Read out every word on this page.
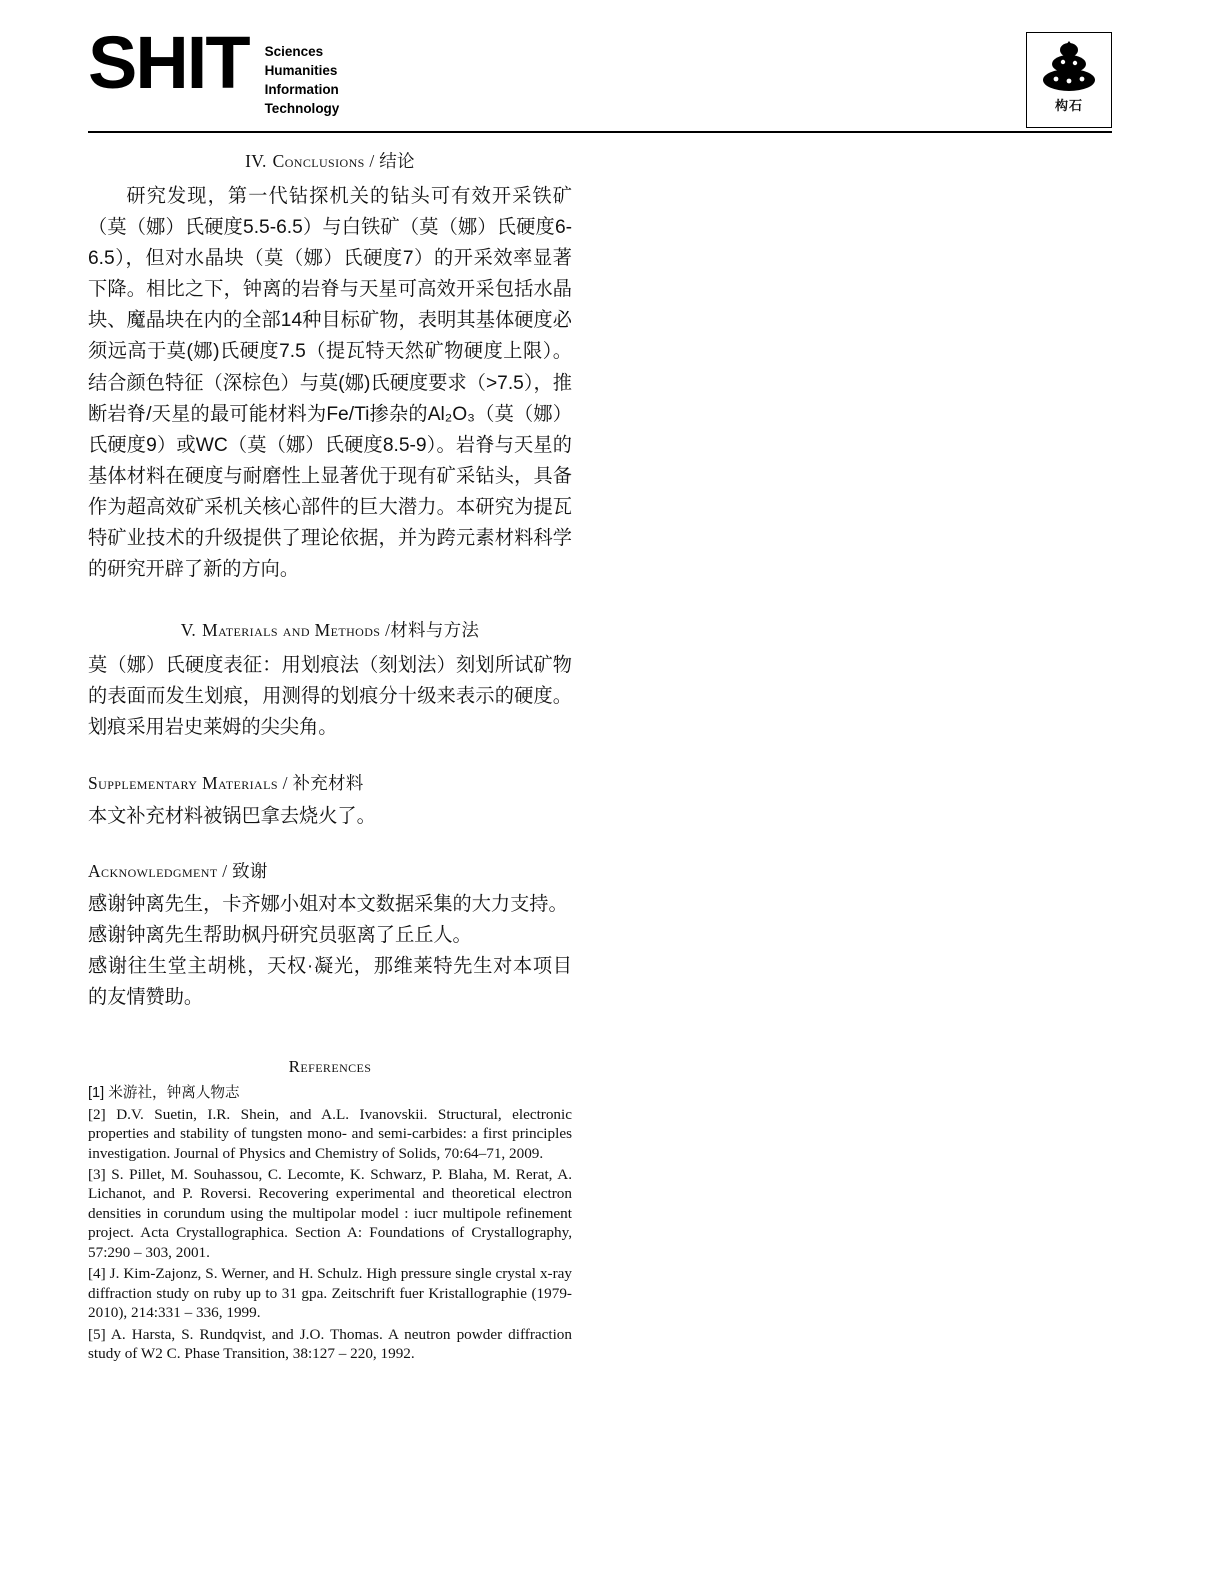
SHIT Sciences
Humanities
Information
Technology	构石
IV. Conclusions / 结论

研究发现，第一代钻探机关的钻头可有效开采铁矿（莫（娜）氏硬度5.5-6.5）与白铁矿（莫（娜）氏硬度6-6.5），但对水晶块（莫（娜）氏硬度7）的开采效率显著下降。相比之下，钟离的岩脊与天星可高效开采包括水晶块、魔晶块在内的全部14种目标矿物，表明其基体硬度必须远高于莫(娜)氏硬度7.5（提瓦特天然矿物硬度上限）。结合颜色特征（深棕色）与莫(娜)氏硬度要求（>7.5），推断岩脊/天星的最可能材料为Fe/Ti掺杂的Al₂O₃（莫（娜）氏硬度9）或WC（莫（娜）氏硬度8.5-9）。岩脊与天星的基体材料在硬度与耐磨性上显著优于现有矿采钻头，具备作为超高效矿采机关核心部件的巨大潜力。本研究为提瓦特矿业技术的升级提供了理论依据，并为跨元素材料科学的研究开辟了新的方向。

V. Materials and Methods /材料与方法

莫（娜）氏硬度表征：用划痕法（刻划法）刻划所试矿物的表面而发生划痕，用测得的划痕分十级来表示的硬度。划痕采用岩史莱姆的尖尖角。

Supplementary Materials / 补充材料

本文补充材料被锅巴拿去烧火了。

Acknowledgment / 致谢

感谢钟离先生，卡齐娜小姐对本文数据采集的大力支持。

感谢钟离先生帮助枫丹研究员驱离了丘丘人。

感谢往生堂主胡桃，天权·凝光，那维莱特先生对本项目的友情赞助。

References

[1] 米游社，钟离人物志

[2] D.V. Suetin, I.R. Shein, and A.L. Ivanovskii. Structural, electronic properties and stability of tungsten mono- and semi-carbides: a first principles investigation. Journal of Physics and Chemistry of Solids, 70:64–71, 2009.

[3] S. Pillet, M. Souhassou, C. Lecomte, K. Schwarz, P. Blaha, M. Rerat, A. Lichanot, and P. Roversi. Recovering experimental and theoretical electron densities in corundum using the multipolar model : iucr multipole refinement project. Acta Crystallographica. Section A: Foundations of Crystallography, 57:290 – 303, 2001.

[4] J. Kim-Zajonz, S. Werner, and H. Schulz. High pressure single crystal x-ray diffraction study on ruby up to 31 gpa. Zeitschrift fuer Kristallographie (1979-2010), 214:331 – 336, 1999.

[5] A. Harsta, S. Rundqvist, and J.O. Thomas. A neutron powder diffraction study of W2 C. Phase Transition, 38:127 – 220, 1992.
